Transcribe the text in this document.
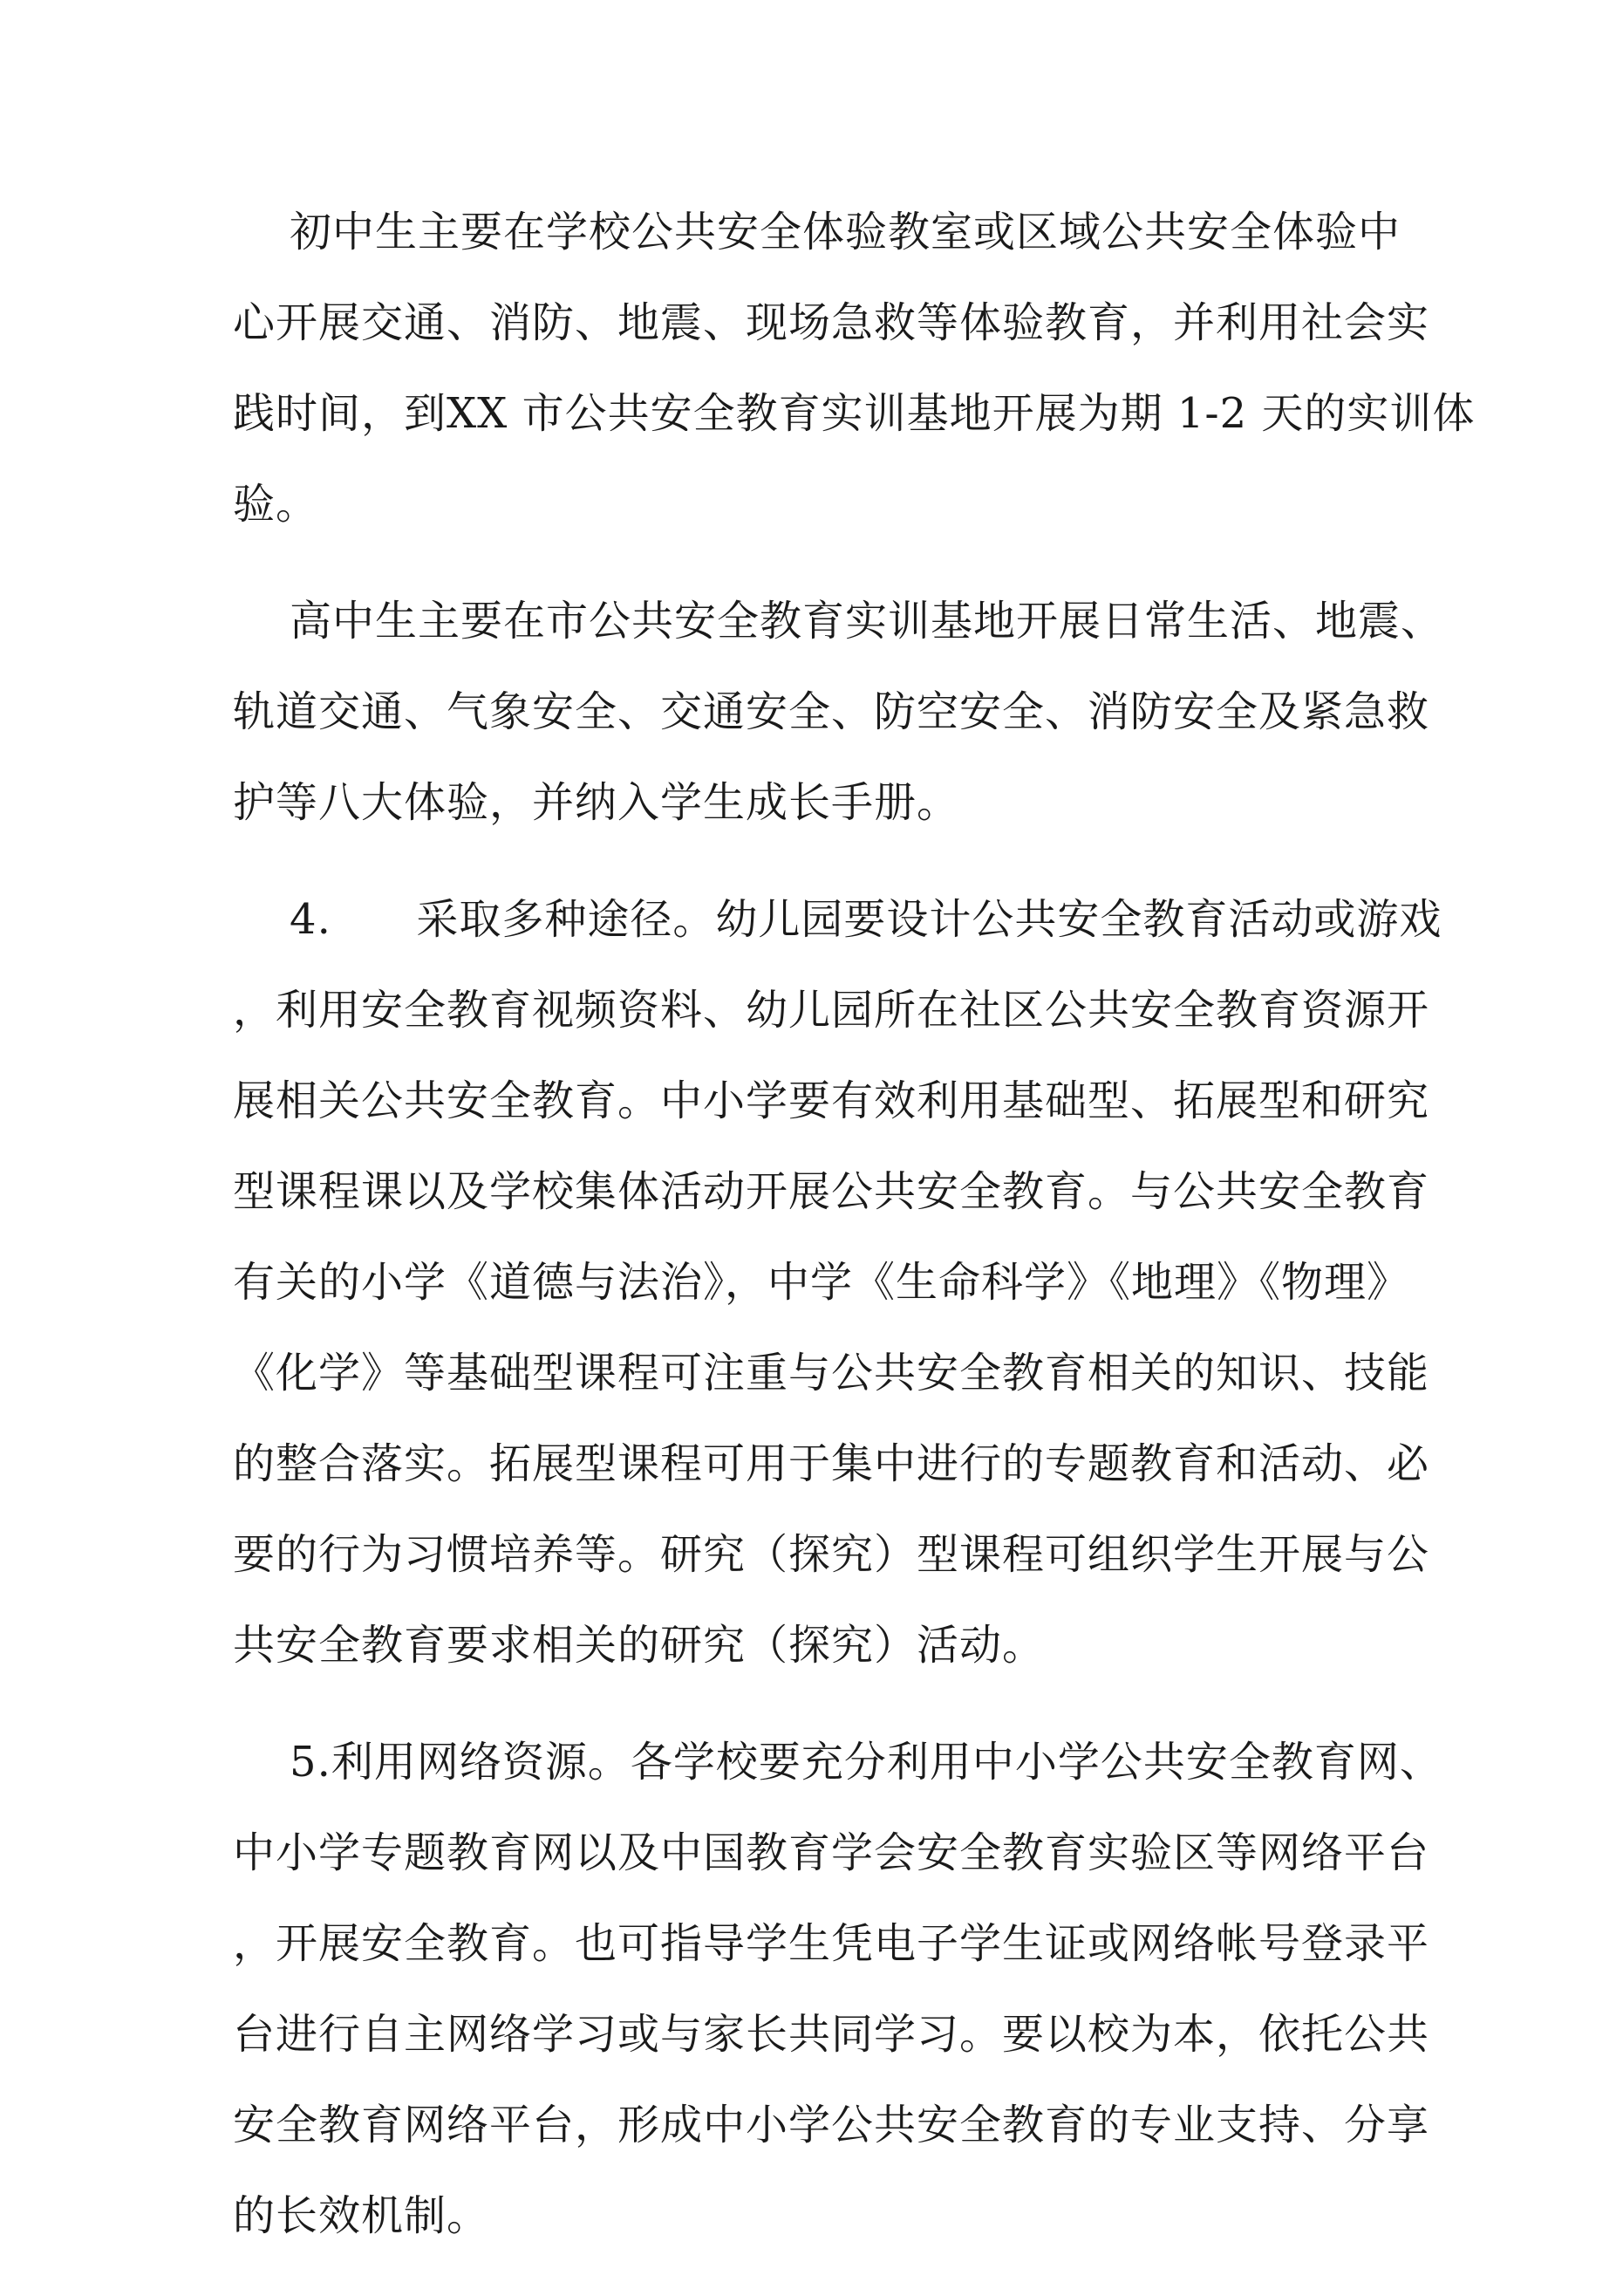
初中生主要在学校公共安全体验教室或区域公共安全体验中
心开展交通、消防、地震、现场急救等体验教育，并利用社会实
践时间，到XX 市公共安全教育实训基地开展为期 1-2 天的实训体
验。
高中生主要在市公共安全教育实训基地开展日常生活、地震、
轨道交通、气象安全、交通安全、防空安全、消防安全及紧急救
护等八大体验，并纳入学生成长手册。
4.      采取多种途径。幼儿园要设计公共安全教育活动或游戏
，利用安全教育视频资料、幼儿园所在社区公共安全教育资源开
展相关公共安全教育。中小学要有效利用基础型、拓展型和研究
型课程课以及学校集体活动开展公共安全教育。与公共安全教育
有关的小学《道德与法治》，中学《生命科学》《地理》《物理》
《化学》等基础型课程可注重与公共安全教育相关的知识、技能
的整合落实。拓展型课程可用于集中进行的专题教育和活动、必
要的行为习惯培养等。研究（探究）型课程可组织学生开展与公
共安全教育要求相关的研究（探究）活动。
5.利用网络资源。各学校要充分利用中小学公共安全教育网、
中小学专题教育网以及中国教育学会安全教育实验区等网络平台
，开展安全教育。也可指导学生凭电子学生证或网络帐号登录平
台进行自主网络学习或与家长共同学习。要以校为本，依托公共
安全教育网络平台，形成中小学公共安全教育的专业支持、分享
的长效机制。
